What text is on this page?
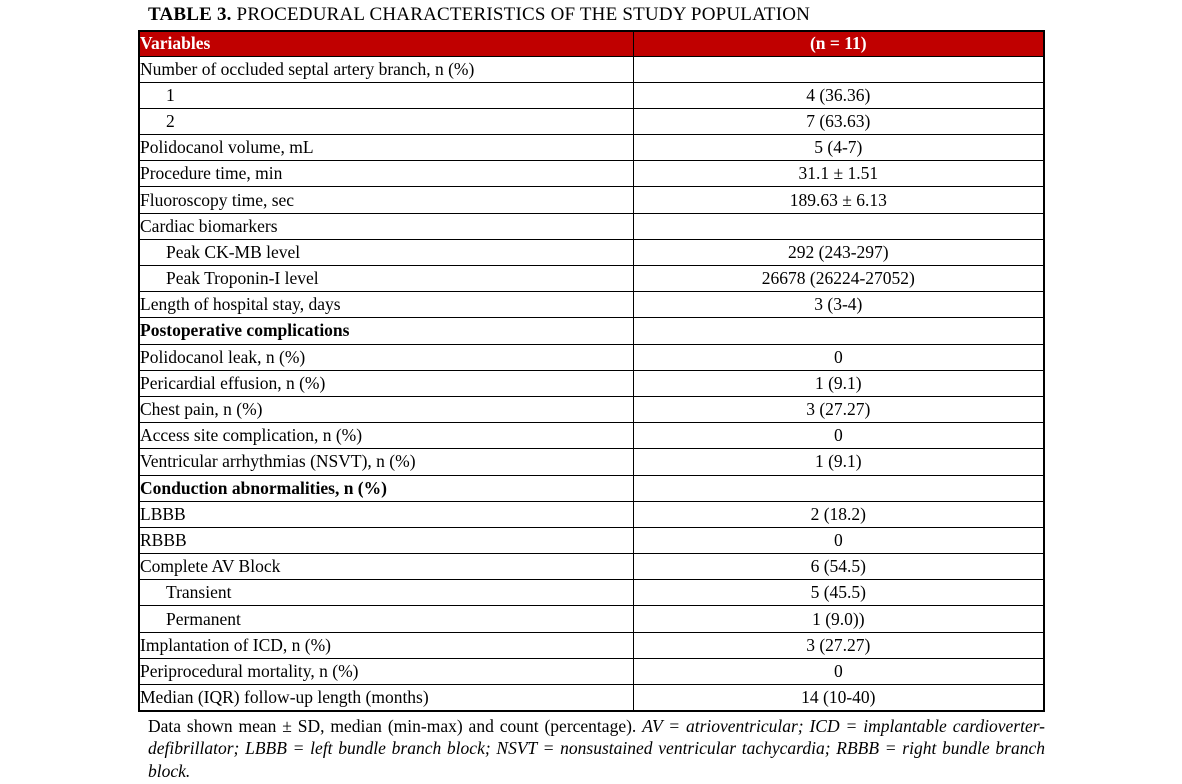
TABLE 3. PROCEDURAL CHARACTERISTICS OF THE STUDY POPULATION

Variables	(n = 11)
Number of occluded septal artery branch, n (%)	
1	4 (36.36)
2	7 (63.63)
Polidocanol volume, mL	5 (4-7)
Procedure time, min	31.1 ± 1.51
Fluoroscopy time, sec	189.63 ± 6.13
Cardiac biomarkers	
Peak CK-MB level	292 (243-297)
Peak Troponin-I level	26678 (26224-27052)
Length of hospital stay, days	3 (3-4)
Postoperative complications	
Polidocanol leak, n (%)	0
Pericardial effusion, n (%)	1 (9.1)
Chest pain, n (%)	3 (27.27)
Access site complication, n (%)	0
Ventricular arrhythmias (NSVT), n (%)	1 (9.1)
Conduction abnormalities, n (%)	
LBBB	2 (18.2)
RBBB	0
Complete AV Block	6 (54.5)
Transient	5 (45.5)
Permanent	1 (9.0))
Implantation of ICD, n (%)	3 (27.27)
Periprocedural mortality, n (%)	0
Median (IQR) follow-up length (months)	14 (10-40)

Data shown mean ± SD, median (min-max) and count (percentage). AV = atrioventricular; ICD = implantable cardioverter-defibrillator; LBBB = left bundle branch block; NSVT = nonsustained ventricular tachycardia; RBBB = right bundle branch block.
